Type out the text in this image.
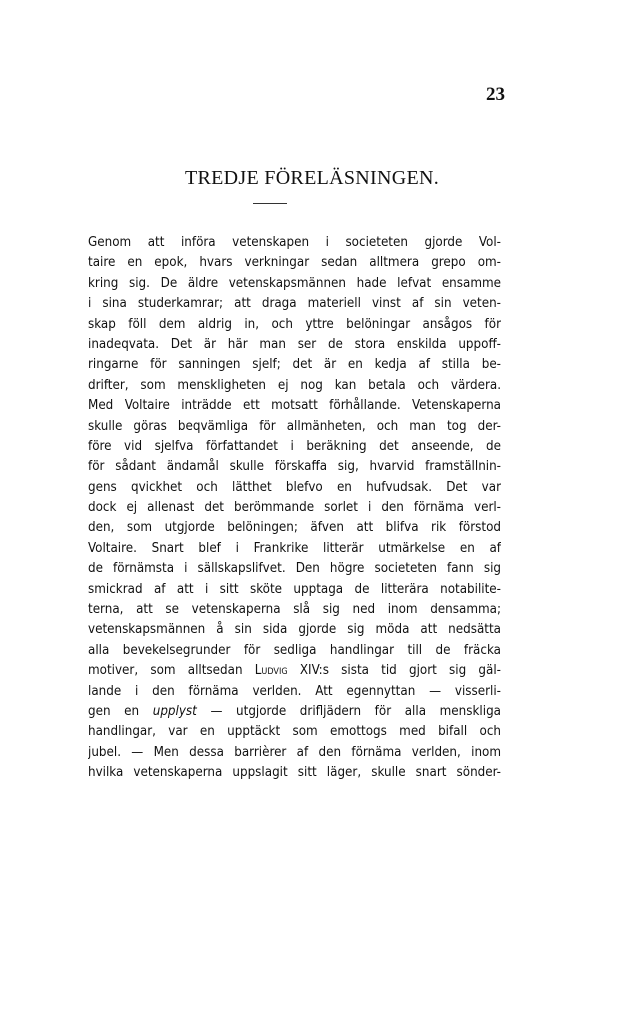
23
TREDJE FÖRELÄSNINGEN.
Genom att införa vetenskapen i societeten gjorde Vol-
taire en epok, hvars verkningar sedan alltmera grepo om-
kring sig. De äldre vetenskapsmännen hade lefvat ensamme
i sina studerkamrar; att draga materiell vinst af sin veten-
skap föll dem aldrig in, och yttre belöningar ansågos för
inadeqvata. Det är här man ser de stora enskilda uppoff-
ringarne för sanningen sjelf; det är en kedja af stilla be-
drifter, som menskligheten ej nog kan betala och värdera.
Med Voltaire inträdde ett motsatt förhållande. Vetenskaperna
skulle göras beqvämliga för allmänheten, och man tog der-
före vid sjelfva författandet i beräkning det anseende, de
för sådant ändamål skulle förskaffa sig, hvarvid framställnin-
gens qvickhet och lätthet blefvo en hufvudsak. Det var
dock ej allenast det berömmande sorlet i den förnäma verl-
den, som utgjorde belöningen; äfven att blifva rik förstod
Voltaire. Snart blef i Frankrike litterär utmärkelse en af
de förnämsta i sällskapslifvet. Den högre societeten fann sig
smickrad af att i sitt sköte upptaga de litterära notabilite-
terna, att se vetenskaperna slå sig ned inom densamma;
vetenskapsmännen å sin sida gjorde sig möda att nedsätta
alla bevekelsegrunder för sedliga handlingar till de fräcka
motiver, som alltsedan Ludvig XIV:s sista tid gjort sig gäl-
lande i den förnäma verlden. Att egennyttan — visserli-
gen en upplyst — utgjorde drifljädern för alla menskliga
handlingar, var en upptäckt som emottogs med bifall och
jubel. — Men dessa barrièrer af den förnäma verlden, inom
hvilka vetenskaperna uppslagit sitt läger, skulle snart sönder-
